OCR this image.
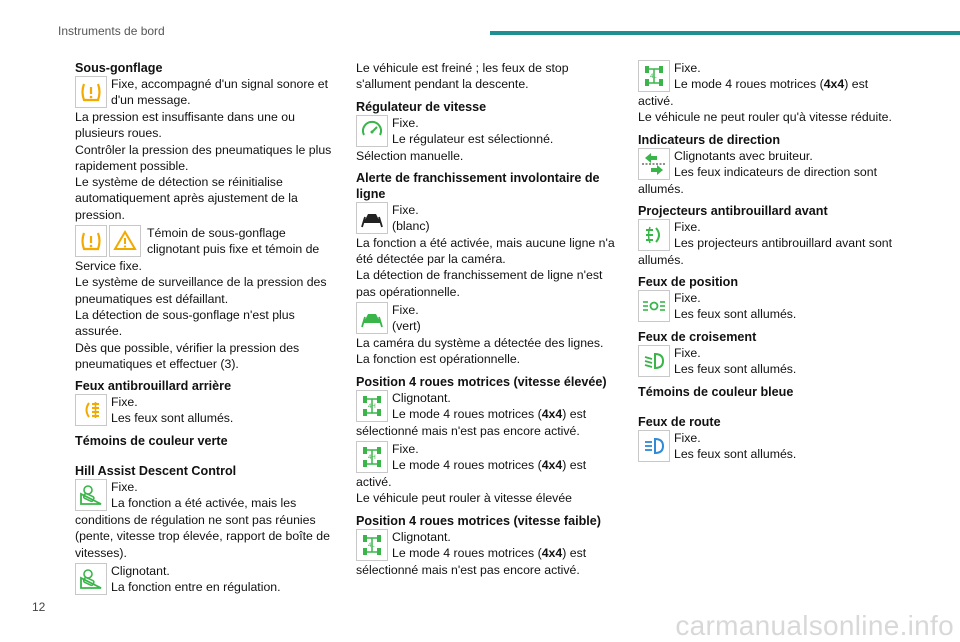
Instruments de bord

Sous-gonflage

Fixe, accompagné d'un signal sonore et
d'un message.
La pression est insuffisante dans une ou
plusieurs roues.
Contrôler la pression des pneumatiques le plus
rapidement possible.
Le système de détection se réinitialise
automatiquement après ajustement de la
pression.
Témoin de sous-gonflage
clignotant puis fixe et témoin de
Service fixe.
Le système de surveillance de la pression des
pneumatiques est défaillant.
La détection de sous-gonflage n'est plus
assurée.
Dès que possible, vérifier la pression des
pneumatiques et effectuer (3).

Feux antibrouillard arrière

Fixe.
Les feux sont allumés.

Témoins de couleur verte

Hill Assist Descent Control

Fixe.
La fonction a été activée, mais les
conditions de régulation ne sont pas réunies
(pente, vitesse trop élevée, rapport de boîte de
vitesses).
Clignotant.
La fonction entre en régulation.
Le véhicule est freiné ; les feux de stop
s'allument pendant la descente.

Régulateur de vitesse

Fixe.
Le régulateur est sélectionné.
Sélection manuelle.

Alerte de franchissement involontaire de
ligne

Fixe.
(blanc)
La fonction a été activée, mais aucune ligne n'a
été détectée par la caméra.
La détection de franchissement de ligne n'est
pas opérationnelle.
Fixe.
(vert)
La caméra du système a détectée des lignes.
La fonction est opérationnelle.

Position 4 roues motrices (vitesse élevée)

4H
Clignotant.
Le mode 4 roues motrices (4x4) est
sélectionné mais n'est pas encore activé.
4H
Fixe.
Le mode 4 roues motrices (4x4) est
activé.
Le véhicule peut rouler à vitesse élevée

Position 4 roues motrices (vitesse faible)

4L
Clignotant.
Le mode 4 roues motrices (4x4) est
sélectionné mais n'est pas encore activé.
4L
Fixe.
Le mode 4 roues motrices (4x4) est
activé.
Le véhicule ne peut rouler qu'à vitesse réduite.

Indicateurs de direction

Clignotants avec bruiteur.
Les feux indicateurs de direction sont
allumés.

Projecteurs antibrouillard avant

Fixe.
Les projecteurs antibrouillard avant sont
allumés.

Feux de position

Fixe.
Les feux sont allumés.

Feux de croisement

Fixe.
Les feux sont allumés.

Témoins de couleur bleue

Feux de route

Fixe.
Les feux sont allumés.
12
carmanualsonline.info
